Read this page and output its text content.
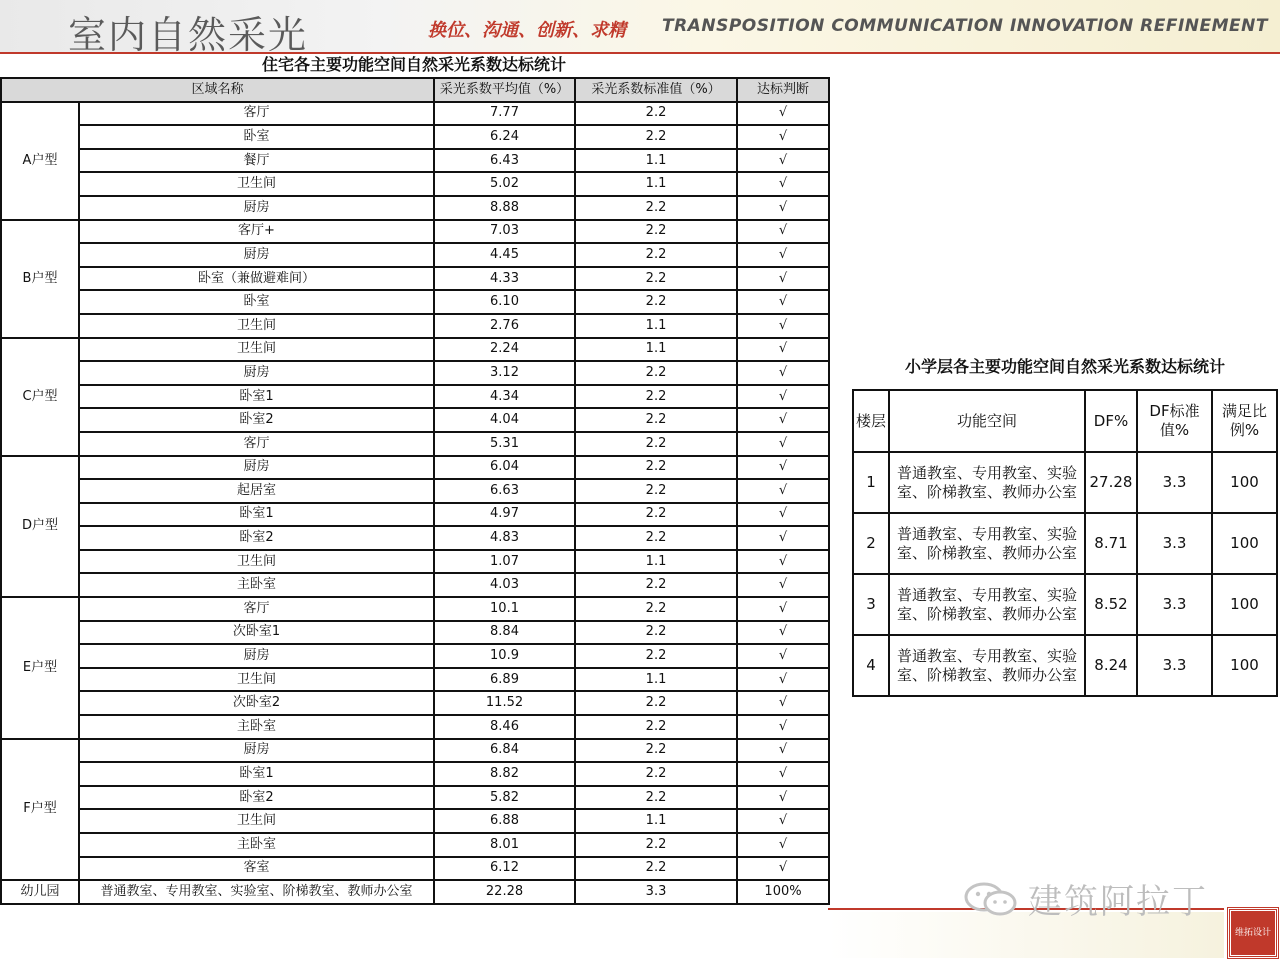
室内自然采光	换位、沟通、创新、求精 TRANSPOSITION COMMUNICATION INNOVATION REFINEMENT
住宅各主要功能空间自然采光系数达标统计
区域名称		采光系数平均值（%）	采光系数标准值（%）	达标判断
A户型	客厅	7.77	2.2	√
	卧室	6.24	2.2	√
	餐厅	6.43	1.1	√
	卫生间	5.02	1.1	√
	厨房	8.88	2.2	√
B户型	客厅+	7.03	2.2	√
	厨房	4.45	2.2	√
	卧室（兼做避难间）	4.33	2.2	√
	卧室	6.10	2.2	√
	卫生间	2.76	1.1	√
C户型	卫生间	2.24	1.1	√
	厨房	3.12	2.2	√
	卧室1	4.34	2.2	√
	卧室2	4.04	2.2	√
	客厅	5.31	2.2	√
D户型	厨房	6.04	2.2	√
	起居室	6.63	2.2	√
	卧室1	4.97	2.2	√
	卧室2	4.83	2.2	√
	卫生间	1.07	1.1	√
	主卧室	4.03	2.2	√
E户型	客厅	10.1	2.2	√
	次卧室1	8.84	2.2	√
	厨房	10.9	2.2	√
	卫生间	6.89	1.1	√
	次卧室2	11.52	2.2	√
	主卧室	8.46	2.2	√
F户型	厨房	6.84	2.2	√
	卧室1	8.82	2.2	√
	卧室2	5.82	2.2	√
	卫生间	6.88	1.1	√
	主卧室	8.01	2.2	√
	客室	6.12	2.2	√
幼儿园	普通教室、专用教室、实验室、阶梯教室、教师办公室	22.28	3.3	100%
小学层各主要功能空间自然采光系数达标统计
楼层	功能空间	DF%	DF标准值%	满足比例%
1	普通教室、专用教室、实验室、阶梯教室、教师办公室	27.28	3.3	100
2	普通教室、专用教室、实验室、阶梯教室、教师办公室	8.71	3.3	100
3	普通教室、专用教室、实验室、阶梯教室、教师办公室	8.52	3.3	100
4	普通教室、专用教室、实验室、阶梯教室、教师办公室	8.24	3.3	100
建筑阿拉丁
维拓设计
